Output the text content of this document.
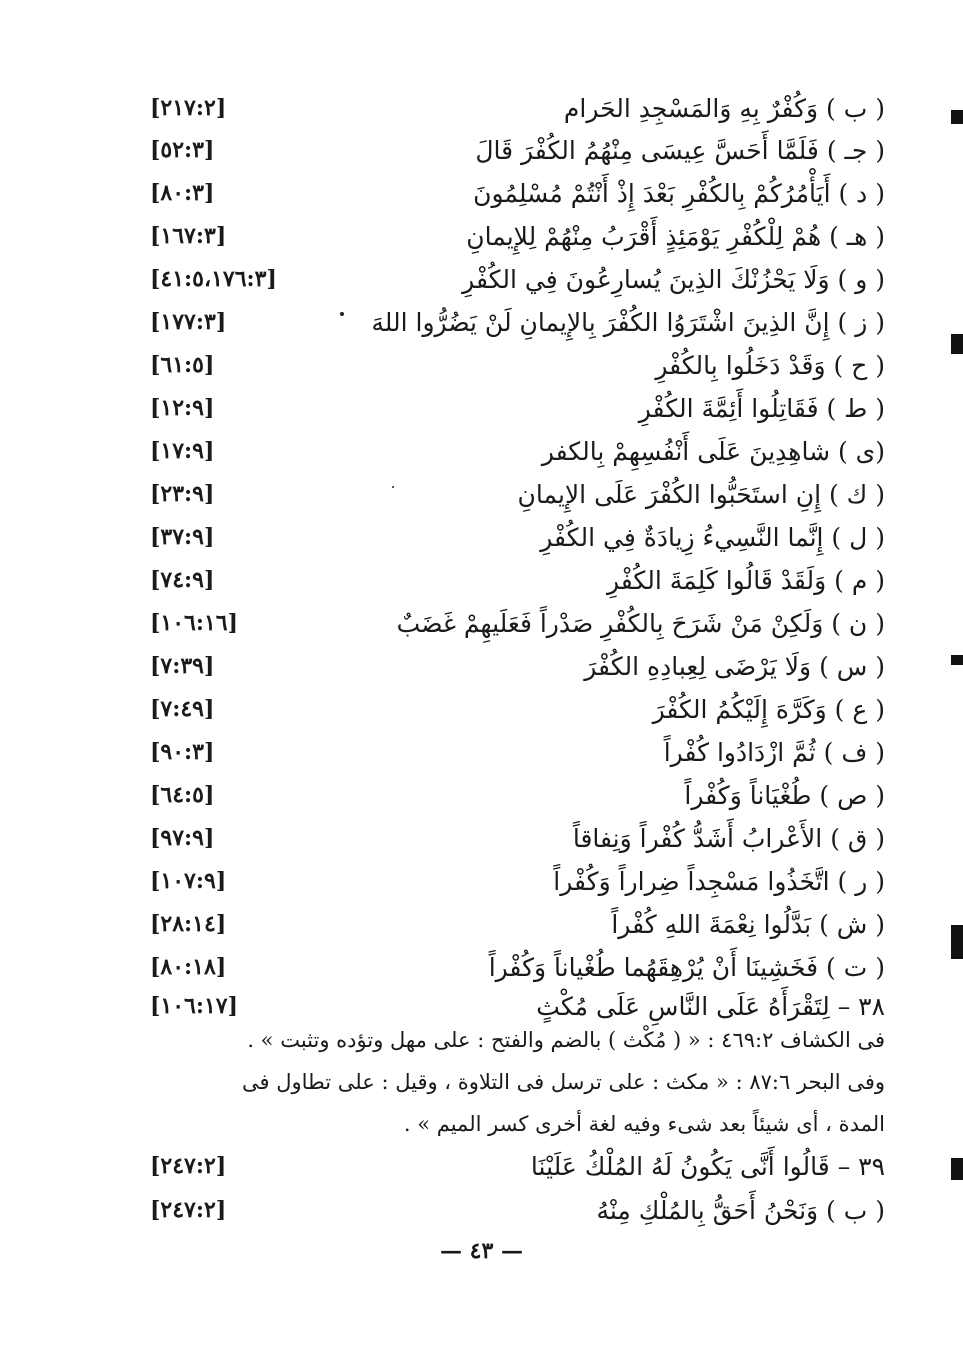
( ب ) وَكُفْرٌ بِهِ وَالمَسْجِدِ الحَرام
[٢١٧:٢]
( جـ ) فَلَمَّا أَحَسَّ عِيسَى مِنْهُمُ الكُفْرَ قَالَ
[٥٢:٣]
( د ) أَيَأْمُرُكُمْ بِالكُفْرِ بَعْدَ إِذْ أَنْتُمْ مُسْلِمُونَ
[٨٠:٣]
( هـ ) هُمْ لِلْكُفْرِ يَوْمَئِذٍ أَقْرَبُ مِنْهُمْ لِلإِيمانِ
[١٦٧:٣]
( و ) وَلَا يَحْزُنْكَ الذِينَ يُسارِعُونَ فِي الكُفْرِ
[٤١:٥،١٧٦:٣]
( ز ) إِنَّ الذِينَ اشْتَرَوُا الكُفْرَ بِالإِيمانِ لَنْ يَضُرُّوا اللهَ
[١٧٧:٣]
( ح ) وَقَدْ دَخَلُوا بِالكُفْرِ
[٦١:٥]
( ط ) فَقَاتِلُوا أَئِمَّةَ الكُفْرِ
[١٢:٩]
(ى ) شاهِدِينَ عَلَى أَنْفُسِهِمْ بِالكفر
[١٧:٩]
( ك ) إِنِ استَحَبُّوا الكُفْرَ عَلَى الإِيمانِ
[٢٣:٩]
( ل ) إِنَّما النَّسِيءُ زِيادَةٌ فِي الكُفْرِ
[٣٧:٩]
( م ) وَلَقَدْ قَالُوا كَلِمَةَ الكُفْرِ
[٧٤:٩]
( ن ) وَلَكِنْ مَنْ شَرَحَ بِالكُفْرِ صَدْراً فَعَلَيهِمْ غَضَبٌ
[١٠٦:١٦]
( س ) وَلَا يَرْضَى لِعِبادِهِ الكُفْرَ
[٧:٣٩]
( ع ) وَكَرَّهَ إِلَيْكُمُ الكُفْرَ
[٧:٤٩]
( ف ) ثُمَّ ازْدَادُوا كُفْراً
[٩٠:٣]
( ص ) طُغْيَاناً وَكُفْراً
[٦٤:٥]
( ق ) الأَعْرابُ أَشَدُّ كُفْراً وَنِفاقاً
[٩٧:٩]
( ر ) اتَّخَذُوا مَسْجِداً ضِراراً وَكُفْراً
[١٠٧:٩]
( ش ) بَدَّلُوا نِعْمَةَ اللهِ كُفْراً
[٢٨:١٤]
( ت ) فَخَشِينَا أَنْ يُرْهِقَهُما طُغْياناً وَكُفْراً
[٨٠:١٨]
٣٨ – لِتَقْرَأَهُ عَلَى النَّاسِ عَلَى مُكْثٍ
[١٠٦:١٧]
فى الكشاف ٤٦٩:٢ : « ( مُكْث ) بالضم والفتح : على مهل وتؤده وتثبت » .
وفى البحر ٨٧:٦ : « مكث : على ترسل فى التلاوة ، وقيل : على تطاول فى
المدة ، أى شيئاً بعد شىء وفيه لغة أخرى كسر الميم » .
٣٩ – قَالُوا أَنَّى يَكُونُ لَهُ المُلْكُ عَلَيْنَا
[٢٤٧:٢]
( ب ) وَنَحْنُ أَحَقُّ بِالمُلْكِ مِنْهُ
[٢٤٧:٢]
— ٤٣ —
